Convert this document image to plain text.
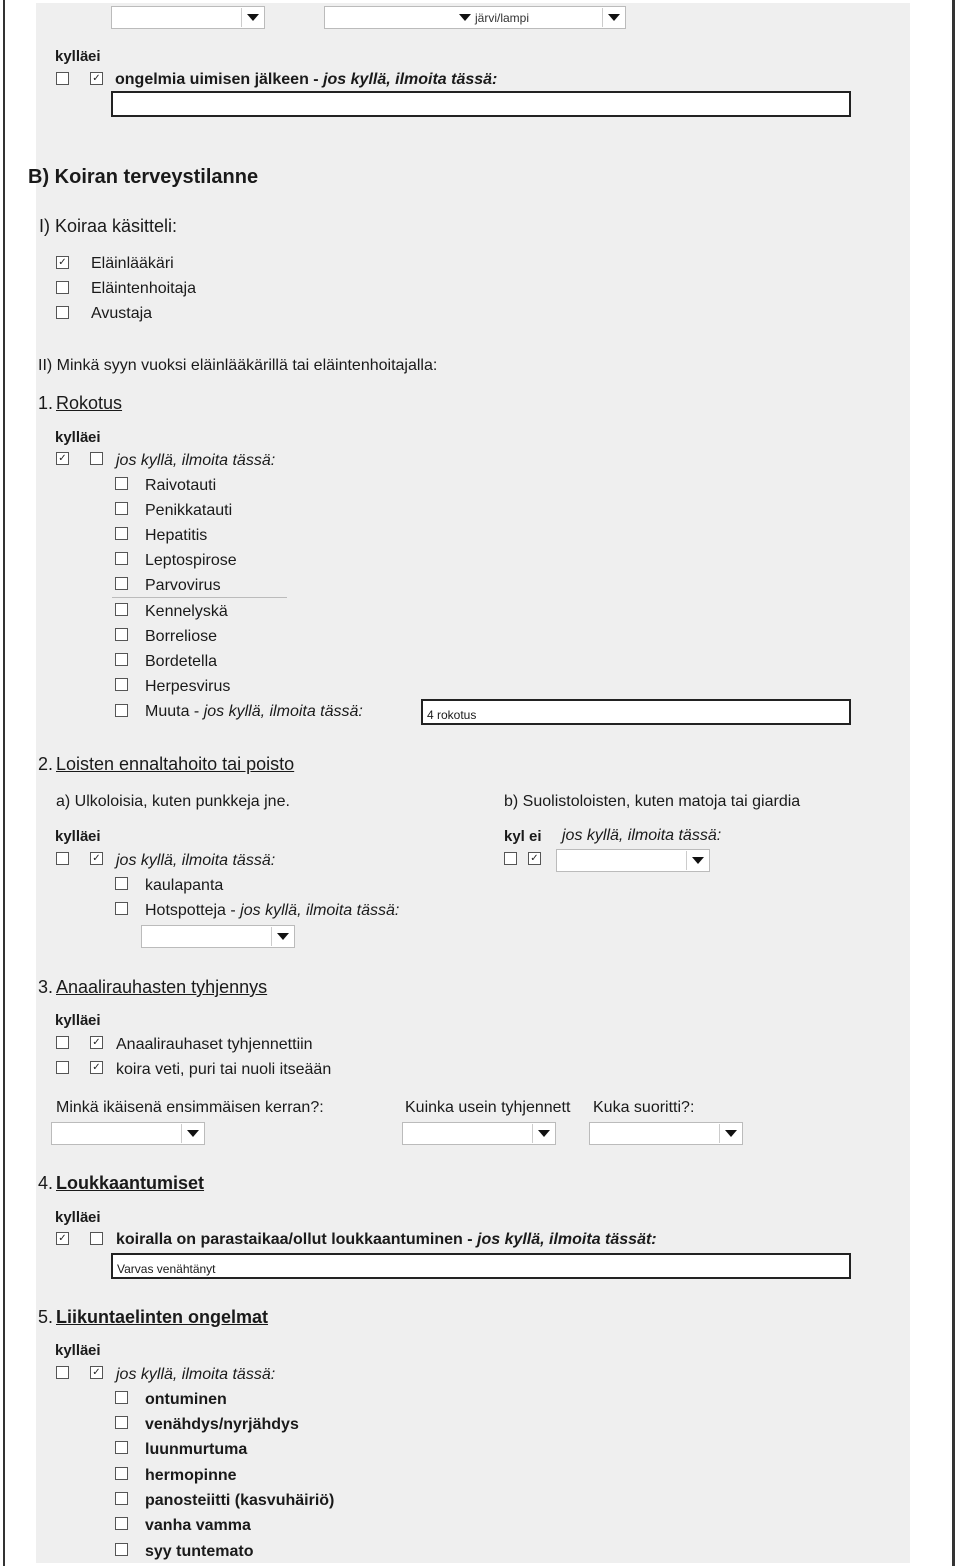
järvi/lampi
kyllä ei
✓ ongelmia uimisen jälkeen - jos kyllä, ilmoita tässä:
B) Koiran terveystilanne
I) Koiraa käsitteli:
✓ Eläinlääkäri
Eläintenhoitaja
Avustaja
II) Minkä syyn vuoksi eläinlääkärillä tai eläintenhoitajalla:
1. Rokotus
kyllä ei
✓	jos kyllä, ilmoita tässä:
Raivotauti
Penikkatauti
Hepatitis
Leptospirose
Parvovirus
Kennelyskä
Borreliose
Bordetella
Herpesvirus
Muuta - jos kyllä, ilmoita tässä:	4 rokotus
2. Loisten ennaltahoito tai poisto
a) Ulkoloisia, kuten punkkeja jne.	b) Suolistoloisten, kuten matoja tai giardia
kyllä ei	kyl ei jos kyllä, ilmoita tässä:
✓ jos kyllä, ilmoita tässä:	✓
kaulapanta
Hotspotteja - jos kyllä, ilmoita tässä:
3. Anaalirauhasten tyhjennys
kyllä ei
✓ Anaalirauhaset tyhjennettiin
✓ koira veti, puri tai nuoli itseään
Minkä ikäisenä ensimmäisen kerran?:	Kuinka usein tyhjennett	Kuka suoritti?:
4. Loukkaantumiset
kyllä ei
✓	koiralla on parastaikaa/ollut loukkaantuminen - jos kyllä, ilmoita tässät:
Varvas venähtänyt
5. Liikuntaelinten ongelmat
kyllä ei
✓ jos kyllä, ilmoita tässä:
ontuminen
venähdys/nyrjähdys
luunmurtuma
hermopinne
panosteiitti (kasvuhäiriö)
vanha vamma
syy tuntemato
